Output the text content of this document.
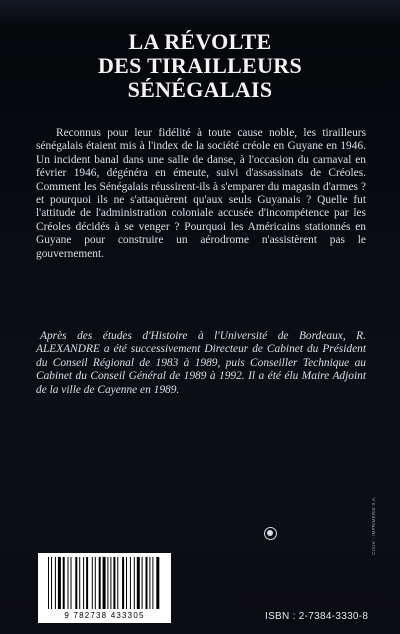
LA RÉVOLTE
DES TIRAILLEURS
SÉNÉGALAIS

Reconnus pour leur fidélité à toute cause noble, les tirailleurs sénégalais étaient mis à l'index de la société créole en Guyane en 1946. Un incident banal dans une salle de danse, à l'occasion du carnaval en février 1946, dégénéra en émeute, suivi d'assassinats de Créoles. Comment les Sénégalais réussirent-ils à s'emparer du magasin d'armes ? et pourquoi ils ne s'attaquèrent qu'aux seuls Guyanais ? Quelle fut l'attitude de l'administration coloniale accusée d'incompétence par les Créoles décidés à se venger ? Pourquoi les Américains stationnés en Guyane pour construire un aérodrome n'assistèrent pas le gouvernement.

Après des études d'Histoire à l'Université de Bordeaux, R. ALEXANDRE a été successivement Directeur de Cabinet du Président du Conseil Régional de 1983 à 1989, puis Conseiller Technique au Cabinet du Conseil Général de 1989 à 1992. Il a été élu Maire Adjoint de la ville de Cayenne en 1989.

COUV. : IMPRIMERIE S.A.
9 782738 433305	ISBN : 2-7384-3330-8
